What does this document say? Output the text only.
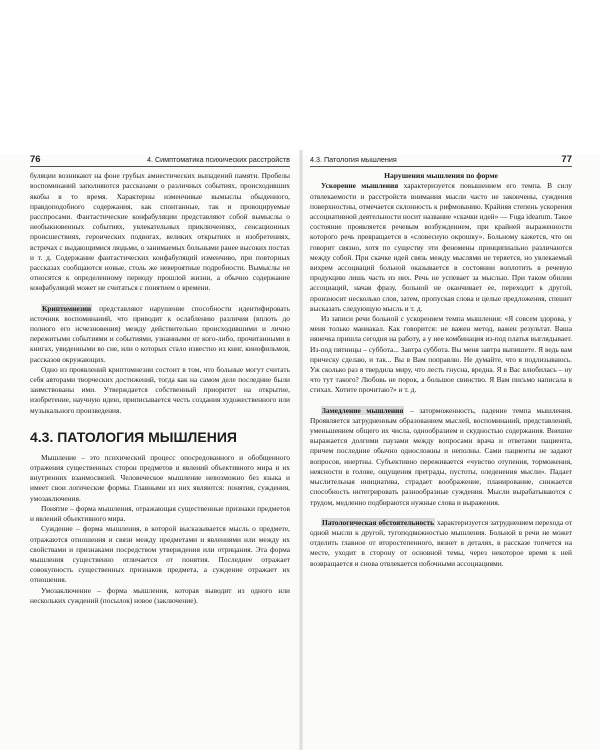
76	4. Симптоматика психических расстройств

буляции возникают на фоне грубых амнестических выпадений памяти. Пробелы воспоминаний заполняются рассказами о различных событиях, происходивших якобы в то время. Характерны изменчивые вымыслы обыденного, правдоподобного содержания, как спонтанные, так и провоцируемые расспросами. Фантастические конфабуляции представляют собой вымыслы о необыкновенных событиях, увлекательных приключениях, сенсационных происшествиях, героических подвигах, великих открытиях и изобретениях, встречах с выдающимися людьми, о занимаемых больными ранее высоких постах и т. д. Содержание фантастических конфабуляций изменчиво, при повторных рассказах сообщаются новые, столь же невероятные подробности. Вымыслы не относятся к определенному периоду прошлой жизни, а обычно содержание конфабуляций может не считаться с понятием о времени.

Криптомнезии представляют нарушение способности идентифировать источник воспоминаний, что приводит к ослаблению различия (вплоть до полного его исчезновения) между действительно происходившими и лично пережитыми событиями и событиями, узнанными от кого-либо, прочитанными в книгах, увиденными во сне, или о которых стало известно из книг, кинофильмов, рассказов окружающих.

Одно из проявлений криптомнезии состоит в том, что больные могут считать себя авторами творческих достижений, тогда как на самом деле последние были заимствованы ими. Утверждается собственный приоритет на открытие, изобретение, научную идею, приписывается честь создания художественного или музыкального произведения.

4.3. ПАТОЛОГИЯ МЫШЛЕНИЯ

Мышление – это психический процесс опосредованного и обобщенного отражения существенных сторон предметов и явлений объективного мира и их внутренних взаимосвязей. Человеческое мышление невозможно без языка и имеет свои логические формы. Главными из них являются: понятия, суждения, умозаключения.

Понятие – форма мышления, отражающая существенные признаки предметов и явлений объективного мира.

Суждение – форма мышления, в которой высказывается мысль о предмете, отражаются отношения и связи между предметами и явлениями или между их свойствами и признаками посредством утверждения или отрицания. Эта форма мышления существенно отличается от понятия. Последнее отражает совокупность существенных признаков предмета, а суждение отражает их отношения.

Умозаключение – форма мышления, которая выводит из одного или нескольких суждений (посылок) новое (заключение).

4.3. Патология мышления	77

Нарушения мышления по форме

Ускорение мышления характеризуется повышением его темпа. В силу отвлекаемости и расстройств внимания мысли часто не закончены, суждения поверхностны, отмечается склонность к рифмованию. Крайняя степень ускорения ассоциативной деятельности носит название «скачки идей» — Fuga idearum. Такое состояние проявляется речевым возбуждением, при крайней выраженности которого речь превращается в «словесную окрошку». Больному кажется, что он говорит связно, хотя по существу эти феномены принципиально различаются между собой. При скачке идей связь между мыслями не теряется, но увлекаемый вихрем ассоциаций больной оказывается в состоянии воплотить в речевую продукцию лишь часть из них. Речь не успевает за мыслью. При таком обилии ассоциаций, начав фразу, больной не оканчивает ее, переходит к другой, произносит несколько слов, затем, пропуская слова и целые предложения, спешит высказать следующую мысль и т. д.

Из записи речи больной с ускорением темпа мышления: «Я совсем здорова, у меня только маниакал. Как говорится: не важен метод, важен результат. Ваша нянечка пришла сегодня на работу, а у нее комбинация из-под платья выглядывает. Из-под пятницы – суббота... Завтра суббота. Вы меня завтра выпишете. Я ведь вам прическу сделаю, и так... Вы в Вам поправлю. Не думайте, что я подлизываюсь. Уж сколько раз я твердила миру, что лесть гнусна, вредна. Я в Вас влюбилась – ну что тут такого? Любовь не порок, а большое свинство. Я Вам письмо написала в стихах. Хотите прочитаю?» и т. д.

Замедление мышления – заторможенность, падение темпа мышления. Проявляется затрудненным образованием мыслей, воспоминаний, представлений, уменьшением общего их числа, однообразием и скудностью содержания. Внешне выражается долгими паузами между вопросами врача и ответами пациента, причем последние обычно односложны и неполны. Сами пациенты не задают вопросов, инертны. Субъективно переживается «чувство отупения, торможения, неясности в голове, ощущения преграды, пустоты, оледенения мысли». Падает мыслительная инициатива, страдает воображение, планирование, снижается способность интегрировать разнообразные суждения. Мысли вырабатываются с трудом, медленно подбираются нужные слова и выражения.

Патологическая обстоятельность характеризуется затруднением перехода от одной мысли к другой, тугоподвижностью мышления. Больной в речи не может отделить главное от второстепенного, вязнет в деталях, в рассказе топчется на месте, уходит в сторону от основной темы, через некоторое время к ней возвращается и снова отвлекается побочными ассоциациями.
